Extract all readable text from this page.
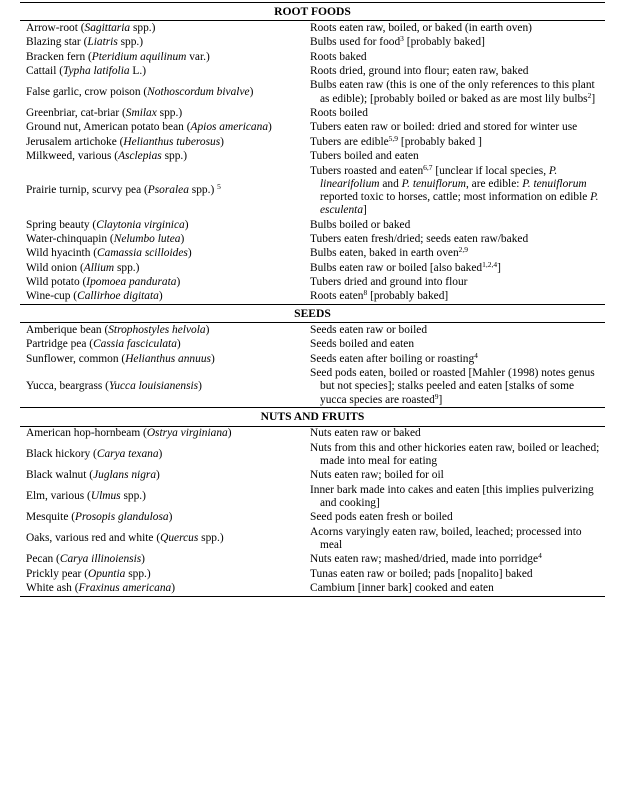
ROOT FOODS	

Arrow-root (Sagittaria spp.)	Roots eaten raw, boiled, or baked (in earth oven)

Blazing star (Liatris spp.)	Bulbs used for food$^3$ [probably baked]

Bracken fern (Pteridium aquilinum var.)	Roots baked

Cattail (Typha latifolia L.)	Roots dried, ground into flour; eaten raw, baked

False garlic, crow poison (Nothoscordum bivalve)	Bulbs eaten raw (this is one of the only references to this plant as edible); [probably boiled or baked as are most lily bulbs$^2$]

Greenbriar, cat-briar (Smilax spp.)	Roots boiled

Ground nut, American potato bean (Apios americana)	Tubers eaten raw or boiled: dried and stored for winter use

Jerusalem artichoke (Helianthus tuberosus)	Tubers are edible$^{5,9}$ [probably baked ]

Milkweed, various (Asclepias spp.)	Tubers boiled and eaten

Prairie turnip, scurvy pea (Psoralea spp.) $^5$	Tubers roasted and eaten$^{6,7}$ [unclear if local species, P. linearifolium and P. tenuiflorum, are edible: P. tenuiflorum reported toxic to horses, cattle; most information on edible P. esculenta]

Spring beauty (Claytonia virginica)	Bulbs boiled or baked

Water-chinquapin (Nelumbo lutea)	Tubers eaten fresh/dried; seeds eaten raw/baked

Wild hyacinth (Camassia scilloides)	Bulbs eaten, baked in earth oven$^{2,9}$

Wild onion (Allium spp.)	Bulbs eaten raw or boiled [also baked$^{1,2,4}$]

Wild potato (Ipomoea pandurata)	Tubers dried and ground into flour

Wine-cup (Callirhoe digitata)	Roots eaten$^8$ [probably baked]

SEEDS	

Amberique bean (Strophostyles helvola)	Seeds eaten raw or boiled

Partridge pea (Cassia fasciculata)	Seeds boiled and eaten

Sunflower, common (Helianthus annuus)	Seeds eaten after boiling or roasting$^4$

Yucca, beargrass (Yucca louisianensis)	Seed pods eaten, boiled or roasted [Mahler (1998) notes genus but not species]; stalks peeled and eaten [stalks of some yucca species are roasted$^9$]

NUTS AND FRUITS	

American hop-hornbeam (Ostrya virginiana)	Nuts eaten raw or baked

Black hickory (Carya texana)	Nuts from this and other hickories eaten raw, boiled or leached; made into meal for eating

Black walnut (Juglans nigra)	Nuts eaten raw; boiled for oil

Elm, various (Ulmus spp.)	Inner bark made into cakes and eaten [this implies pulverizing and cooking]

Mesquite (Prosopis glandulosa)	Seed pods eaten fresh or boiled

Oaks, various red and white (Quercus spp.)	Acorns varyingly eaten raw, boiled, leached; processed into meal

Pecan (Carya illinoiensis)	Nuts eaten raw; mashed/dried, made into porridge$^4$

Prickly pear (Opuntia spp.)	Tunas eaten raw or boiled; pads [nopalito] baked

White ash (Fraxinus americana)	Cambium [inner bark] cooked and eaten
